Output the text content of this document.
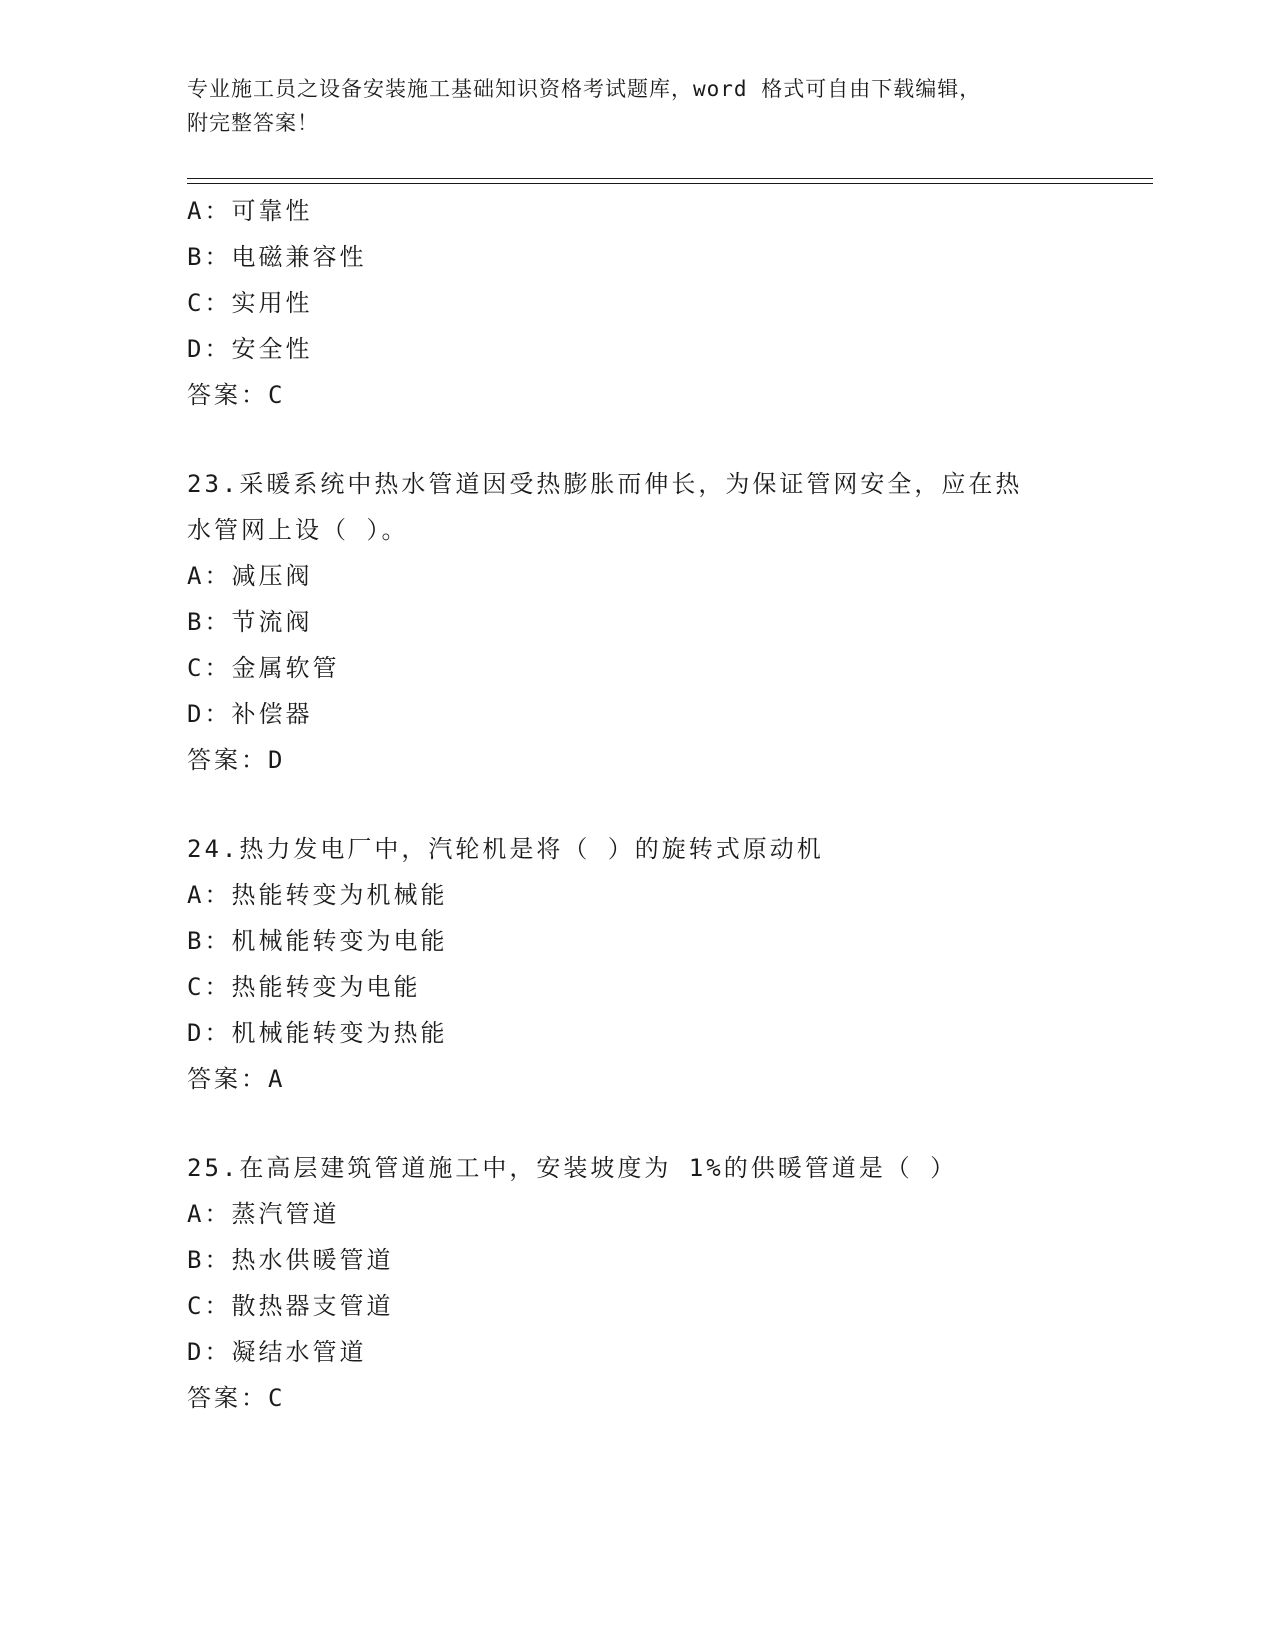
专业施工员之设备安装施工基础知识资格考试题库，word 格式可自由下载编辑，
附完整答案！
A：可靠性
B：电磁兼容性
C：实用性
D：安全性
答案：C
23.采暖系统中热水管道因受热膨胀而伸长，为保证管网安全，应在热
水管网上设（ ）。
A：减压阀
B：节流阀
C：金属软管
D：补偿器
答案：D
24.热力发电厂中，汽轮机是将（ ）的旋转式原动机
A：热能转变为机械能
B：机械能转变为电能
C：热能转变为电能
D：机械能转变为热能
答案：A
25.在高层建筑管道施工中，安装坡度为 1%的供暖管道是（ ）
A：蒸汽管道
B：热水供暖管道
C：散热器支管道
D：凝结水管道
答案：C
